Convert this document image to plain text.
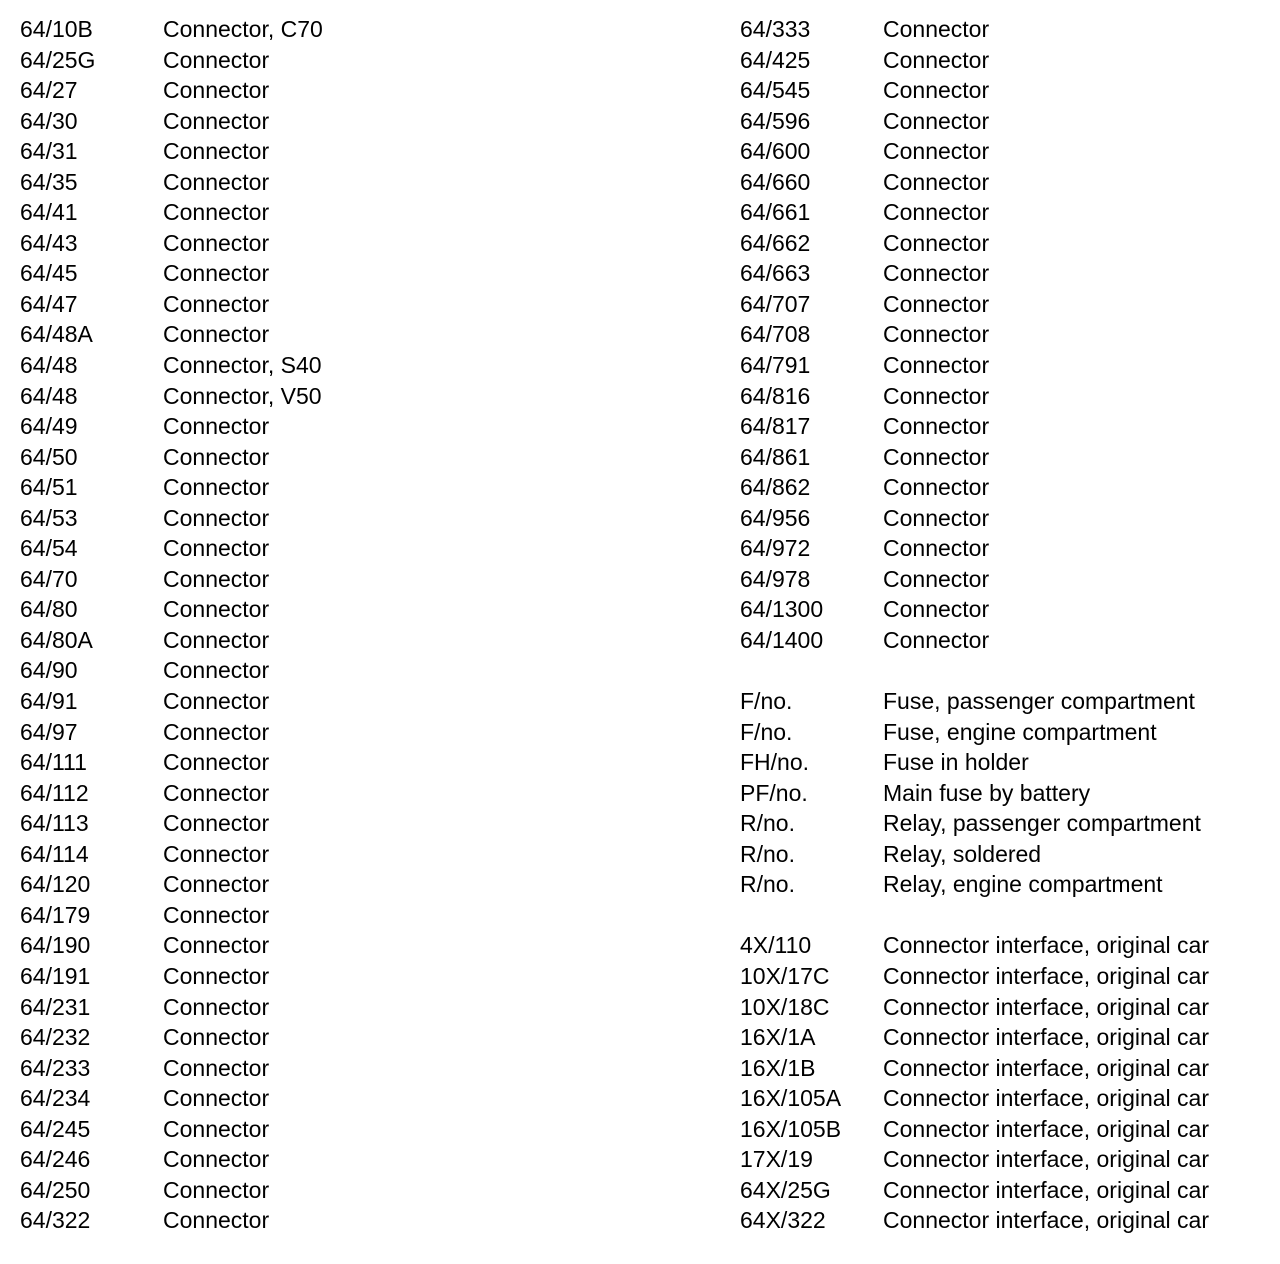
64/10B	Connector, C70
64/25G	Connector
64/27	Connector
64/30	Connector
64/31	Connector
64/35	Connector
64/41	Connector
64/43	Connector
64/45	Connector
64/47	Connector
64/48A	Connector
64/48	Connector, S40
64/48	Connector, V50
64/49	Connector
64/50	Connector
64/51	Connector
64/53	Connector
64/54	Connector
64/70	Connector
64/80	Connector
64/80A	Connector
64/90	Connector
64/91	Connector
64/97	Connector
64/111	Connector
64/112	Connector
64/113	Connector
64/114	Connector
64/120	Connector
64/179	Connector
64/190	Connector
64/191	Connector
64/231	Connector
64/232	Connector
64/233	Connector
64/234	Connector
64/245	Connector
64/246	Connector
64/250	Connector
64/322	Connector
64/333	Connector
64/425	Connector
64/545	Connector
64/596	Connector
64/600	Connector
64/660	Connector
64/661	Connector
64/662	Connector
64/663	Connector
64/707	Connector
64/708	Connector
64/791	Connector
64/816	Connector
64/817	Connector
64/861	Connector
64/862	Connector
64/956	Connector
64/972	Connector
64/978	Connector
64/1300	Connector
64/1400	Connector
F/no.	Fuse, passenger compartment
F/no.	Fuse, engine compartment
FH/no.	Fuse in holder
PF/no.	Main fuse by battery
R/no.	Relay, passenger compartment
R/no.	Relay, soldered
R/no.	Relay, engine compartment
4X/110	Connector interface, original car
10X/17C	Connector interface, original car
10X/18C	Connector interface, original car
16X/1A	Connector interface, original car
16X/1B	Connector interface, original car
16X/105A	Connector interface, original car
16X/105B	Connector interface, original car
17X/19	Connector interface, original car
64X/25G	Connector interface, original car
64X/322	Connector interface, original car
